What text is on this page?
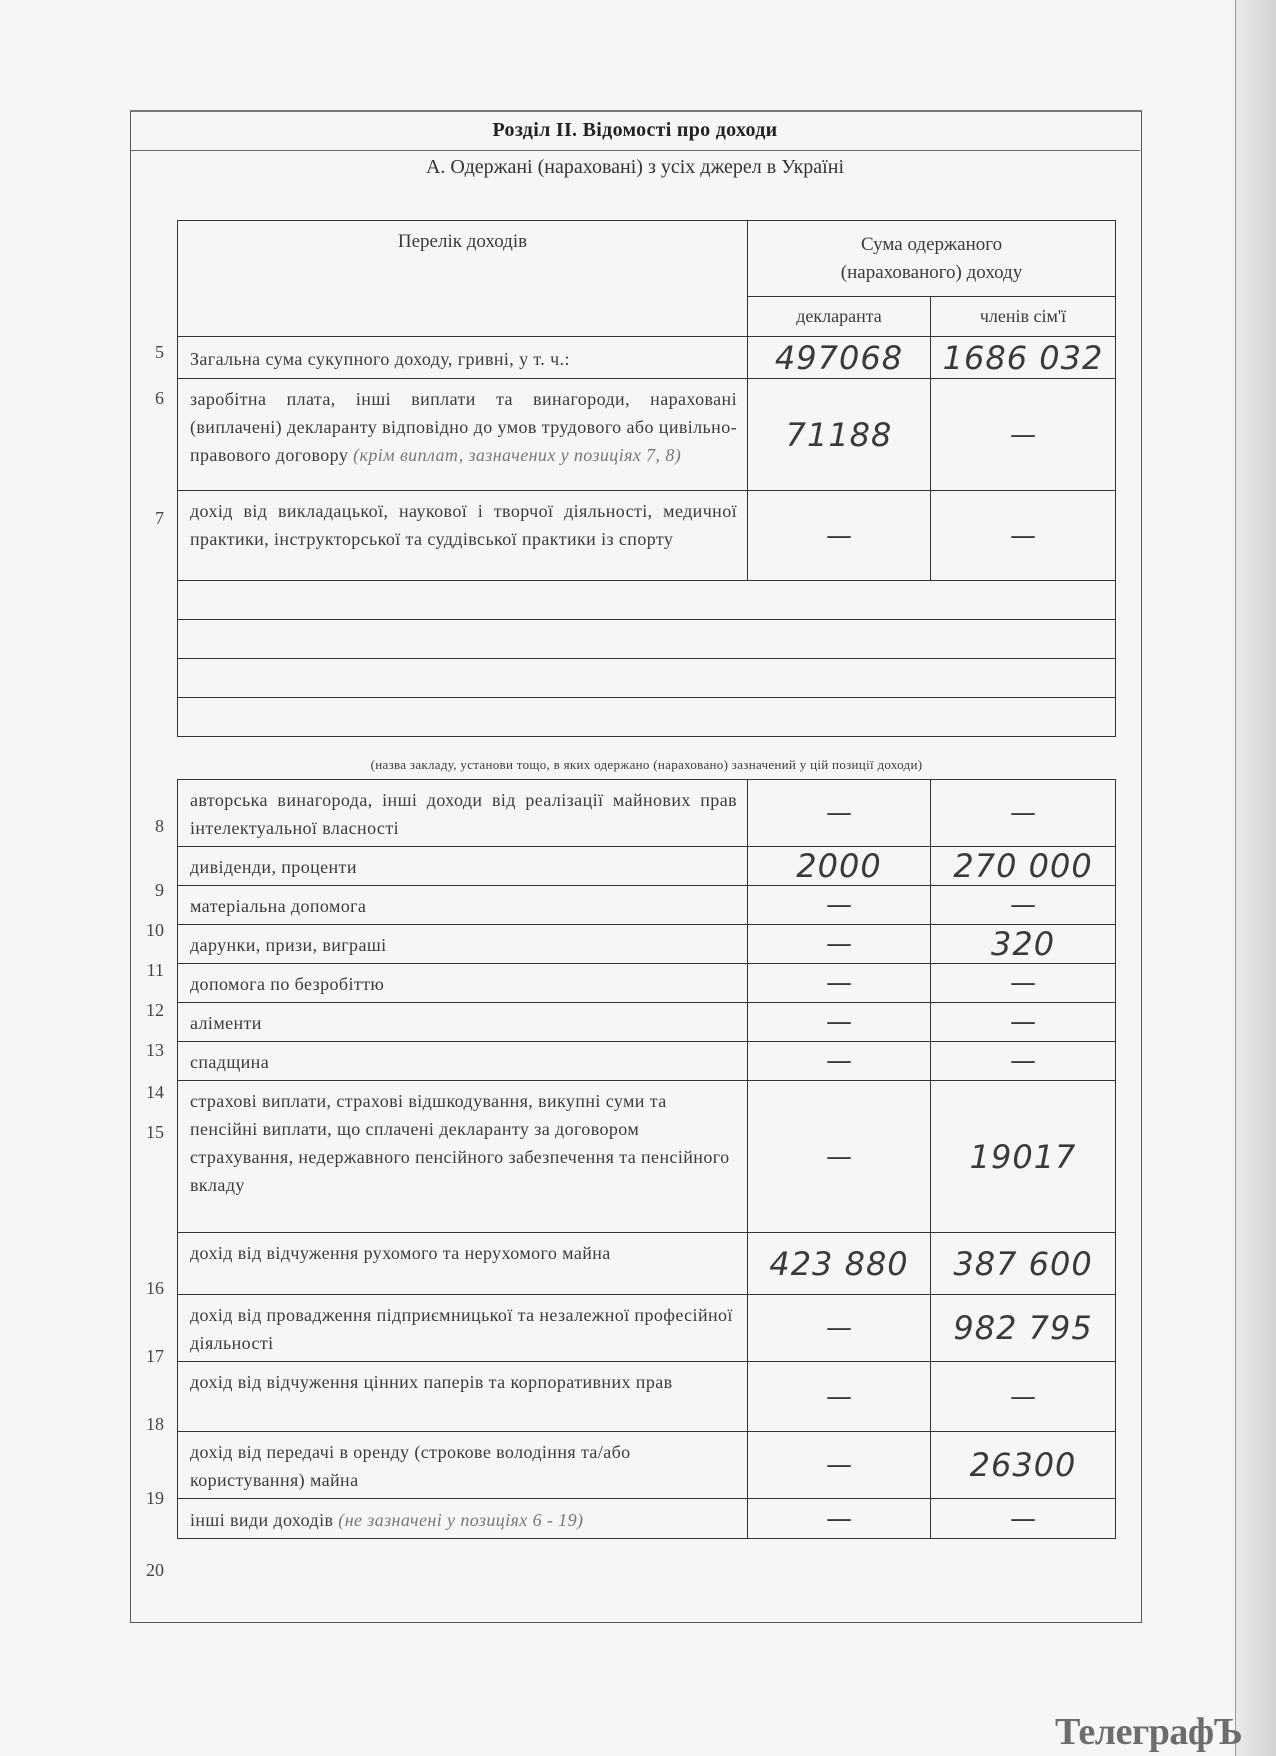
Розділ ІІ. Відомості про доходи
А. Одержані (нараховані) з усіх джерел в Україні
Перелік доходів	Сума одержаного
(нарахованого) доходу	

	декларанта	членів сім'ї
Загальна сума сукупного доходу, гривні, у т. ч.:	497068	1686 032
заробітна плата, інші виплати та винагороди, нараховані (виплачені) декларанту відповідно до умов трудового або цивільно-правового договору (крім виплат, зазначених у позиціях 7, 8)	71188	—
дохід від викладацької, наукової і творчої діяльності, медичної практики, інструкторської та суддівської практики із спорту	—	—

(назва закладу, установи тощо, в яких одержано (нараховано) зазначений у цій позиції доходи)		
авторська винагорода, інші доходи від реалізації майнових прав інтелектуальної власності	—	—
дивіденди, проценти	2000	270 000
матеріальна допомога	—	—
дарунки, призи, виграші	—	320
допомога по безробіттю	—	—
аліменти	—	—
спадщина	—	—
страхові виплати, страхові відшкодування, викупні суми та пенсійні виплати, що сплачені декларанту за договором страхування, недержавного пенсійного забезпечення та пенсійного вкладу	—	19017
дохід від відчуження рухомого та нерухомого майна	423 880	387 600
дохід від провадження підприємницької та незалежної професійної діяльності	—	982 795
дохід від відчуження цінних паперів та корпоративних прав	—	—
дохід від передачі в оренду (строкове володіння та/або користування) майна	—	26300
інші види доходів (не зазначені у позиціях 6 - 19)	—	—
5
6
7
8
9
10
11
12
13
14
15
16
17
18
19
20
ТелеграфЪ
